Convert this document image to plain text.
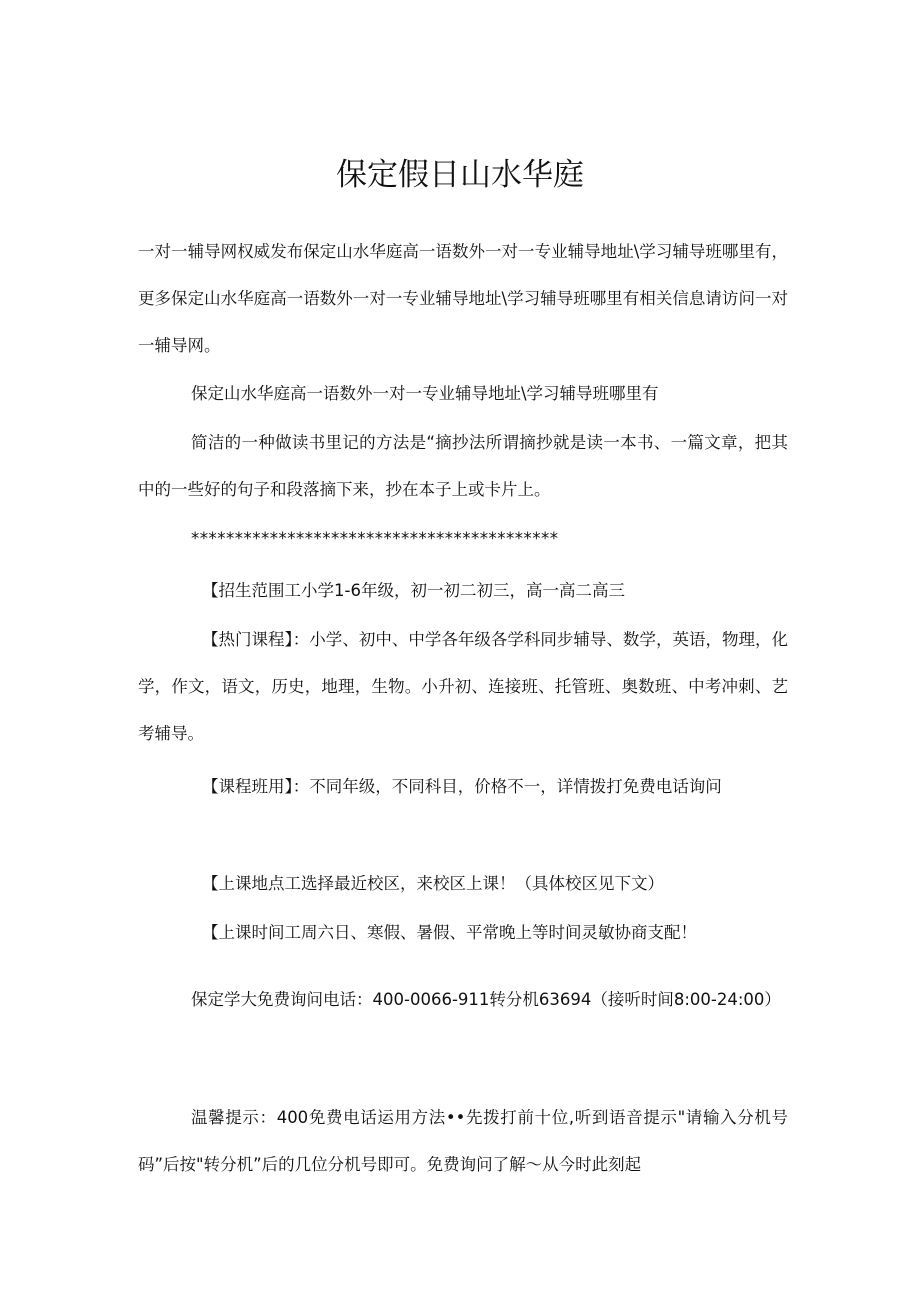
保定假日山水华庭
一对一辅导网权威发布保定山水华庭高一语数外一对一专业辅导地址\学习辅导班哪里有，更多保定山水华庭高一语数外一对一专业辅导地址\学习辅导班哪里有相关信息请访问一对一辅导网。
保定山水华庭高一语数外一对一专业辅导地址\学习辅导班哪里有
简洁的一种做读书里记的方法是“摘抄法所谓摘抄就是读一本书、一篇文章，把其中的一些好的句子和段落摘下来，抄在本子上或卡片上。
******************************************
【招生范围工小学1-6年级，初一初二初三，高一高二高三
【热门课程】：小学、初中、中学各年级各学科同步辅导、数学，英语，物理，化学，作文，语文，历史，地理，生物。小升初、连接班、托管班、奥数班、中考冲刺、艺考辅导。
【课程班用】：不同年级，不同科目，价格不一，详情拨打免费电话询问
【上课地点工选择最近校区，来校区上课！（具体校区见下文）
【上课时间工周六日、寒假、暑假、平常晚上等时间灵敏协商支配！
保定学大免费询问电话：400-0066-911转分机63694（接听时间8:00-24:00）
温馨提示：400免费电话运用方法••先拨打前十位,听到语音提示"请输入分机号码”后按"转分机”后的几位分机号即可。免费询问了解～从今时此刻起
